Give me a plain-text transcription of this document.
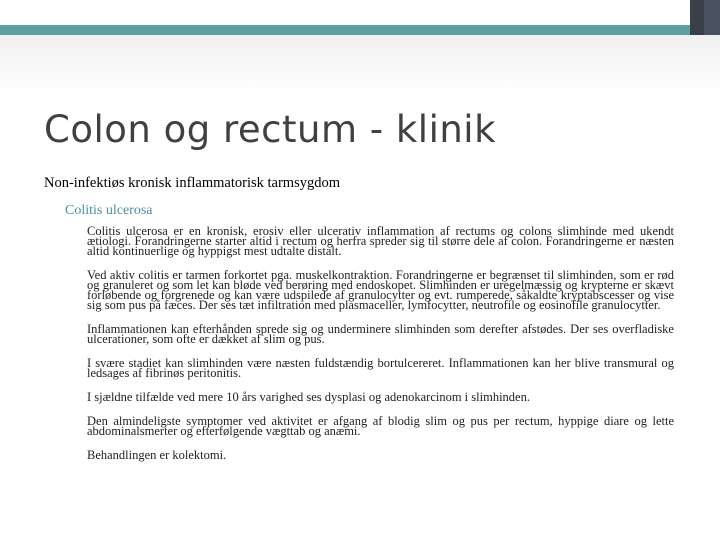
Colon og rectum - klinik
Non-infektiøs kronisk inflammatorisk tarmsygdom
Colitis ulcerosa
Colitis ulcerosa er en kronisk, erosiv eller ulcerativ inflammation af rectums og colons slimhinde med ukendt ætiologi. Forandringerne starter altid i rectum og herfra spreder sig til større dele af colon. Forandringerne er næsten altid kontinuerlige og hyppigst mest udtalte distalt.
Ved aktiv colitis er tarmen forkortet pga. muskelkontraktion. Forandringerne er begrænset til slimhinden, som er rød og granuleret og som let kan bløde ved berøring med endoskopet. Slimhinden er uregelmæssig og krypterne er skævt forløbende og forgrenede og kan være udspilede af granulocytter og evt. rumperede, såkaldte kryptabscesser og vise sig som pus på fæces. Der ses tæt infiltration med plasmaceller, lymfocytter, neutrofile og eosinofile granulocytter.
Inflammationen kan efterhånden sprede sig og underminere slimhinden som derefter afstødes. Der ses overfladiske ulcerationer, som ofte er dækket af slim og pus.
I svære stadiet kan slimhinden være næsten fuldstændig bortulcereret. Inflammationen kan her blive transmural og ledsages af fibrinøs peritonitis.
I sjældne tilfælde ved mere 10 års varighed ses dysplasi og adenokarcinom i slimhinden.
Den almindeligste symptomer ved aktivitet er afgang af blodig slim og pus per rectum, hyppige diare og lette abdominalsmerter og efterfølgende vægttab og anæmi.
Behandlingen er kolektomi.
